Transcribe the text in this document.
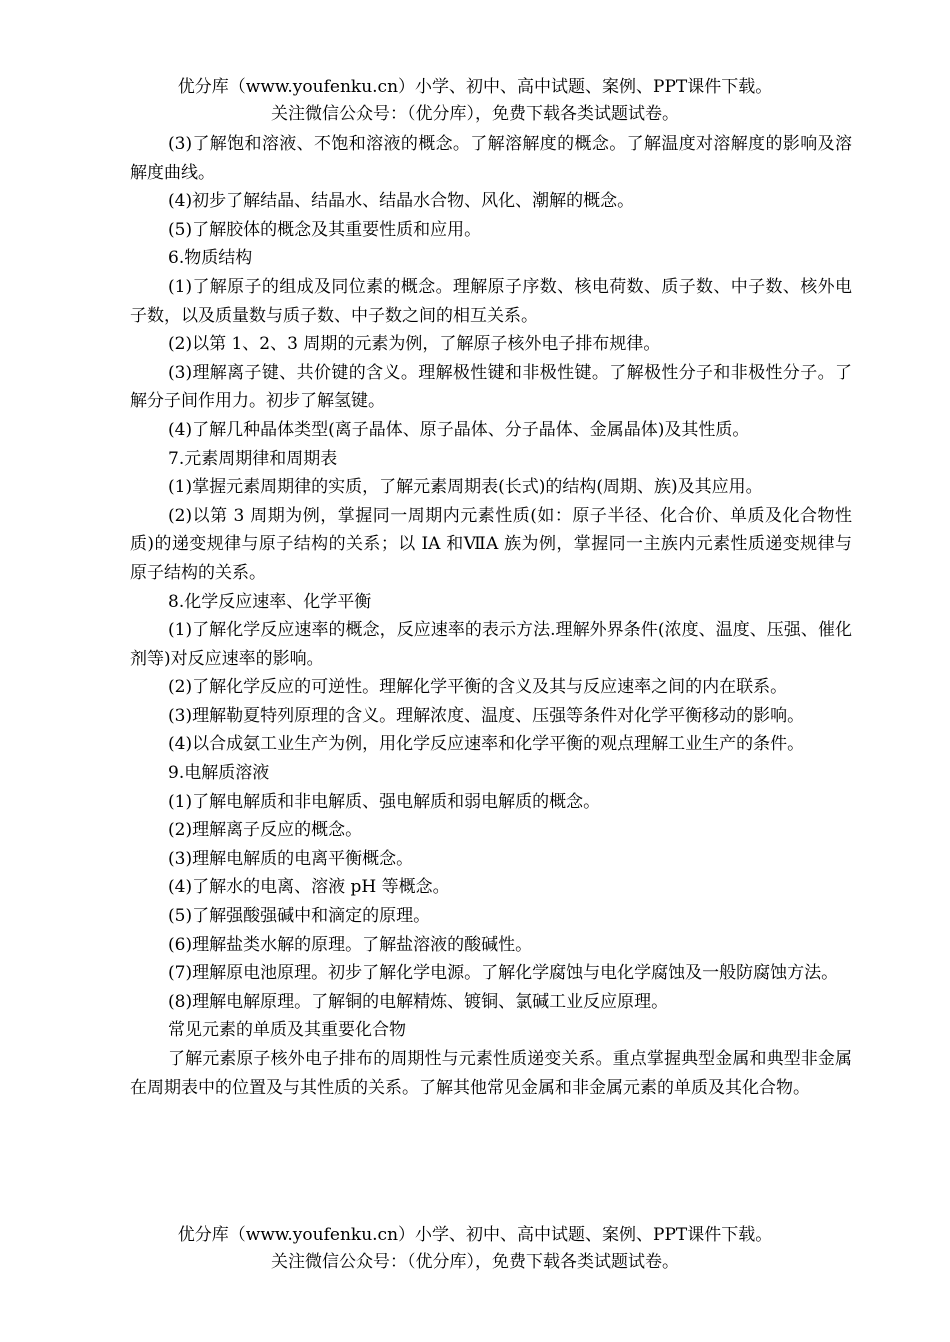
优分库（www.youfenku.cn）小学、初中、高中试题、案例、PPT课件下载。

关注微信公众号：（优分库），免费下载各类试题试卷。

(3)了解饱和溶液、不饱和溶液的概念。了解溶解度的概念。了解温度对溶解度的影响及溶解度曲线。

(4)初步了解结晶、结晶水、结晶水合物、风化、潮解的概念。

(5)了解胶体的概念及其重要性质和应用。

6.物质结构

(1)了解原子的组成及同位素的概念。理解原子序数、核电荷数、质子数、中子数、核外电子数，以及质量数与质子数、中子数之间的相互关系。

(2)以第 1、2、3 周期的元素为例，了解原子核外电子排布规律。

(3)理解离子键、共价键的含义。理解极性键和非极性键。了解极性分子和非极性分子。了解分子间作用力。初步了解氢键。

(4)了解几种晶体类型(离子晶体、原子晶体、分子晶体、金属晶体)及其性质。

7.元素周期律和周期表

(1)掌握元素周期律的实质，了解元素周期表(长式)的结构(周期、族)及其应用。

(2)以第 3 周期为例，掌握同一周期内元素性质(如：原子半径、化合价、单质及化合物性质)的递变规律与原子结构的关系；以 IA 和ⅦA 族为例，掌握同一主族内元素性质递变规律与原子结构的关系。

8.化学反应速率、化学平衡

(1)了解化学反应速率的概念，反应速率的表示方法.理解外界条件(浓度、温度、压强、催化剂等)对反应速率的影响。

(2)了解化学反应的可逆性。理解化学平衡的含义及其与反应速率之间的内在联系。

(3)理解勒夏特列原理的含义。理解浓度、温度、压强等条件对化学平衡移动的影响。

(4)以合成氨工业生产为例，用化学反应速率和化学平衡的观点理解工业生产的条件。

9.电解质溶液

(1)了解电解质和非电解质、强电解质和弱电解质的概念。

(2)理解离子反应的概念。

(3)理解电解质的电离平衡概念。

(4)了解水的电离、溶液 pH 等概念。

(5)了解强酸强碱中和滴定的原理。

(6)理解盐类水解的原理。了解盐溶液的酸碱性。

(7)理解原电池原理。初步了解化学电源。了解化学腐蚀与电化学腐蚀及一般防腐蚀方法。

(8)理解电解原理。了解铜的电解精炼、镀铜、氯碱工业反应原理。

常见元素的单质及其重要化合物

了解元素原子核外电子排布的周期性与元素性质递变关系。重点掌握典型金属和典型非金属在周期表中的位置及与其性质的关系。了解其他常见金属和非金属元素的单质及其化合物。

优分库（www.youfenku.cn）小学、初中、高中试题、案例、PPT课件下载。

关注微信公众号：（优分库），免费下载各类试题试卷。
